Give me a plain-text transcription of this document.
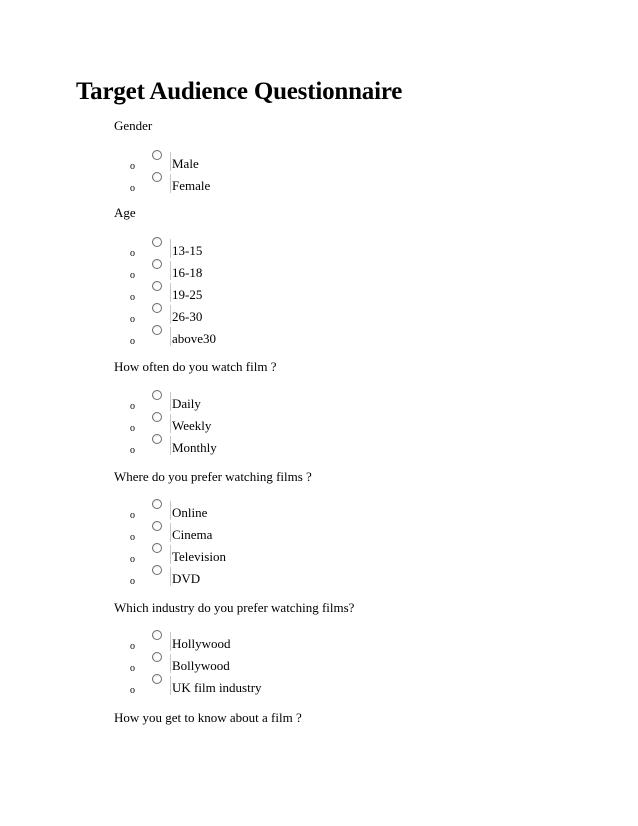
Target Audience Questionnaire
Gender
o	Male
o	Female
Age
o	13-15
o	16-18
o	19-25
o	26-30
o	above30
How often do you watch film ?
o	Daily
o	Weekly
o	Monthly
Where do you prefer watching films ?
o	Online
o	Cinema
o	Television
o	DVD
Which industry do you prefer watching films?
o	Hollywood
o	Bollywood
o	UK film industry
How you get to know about a film ?
